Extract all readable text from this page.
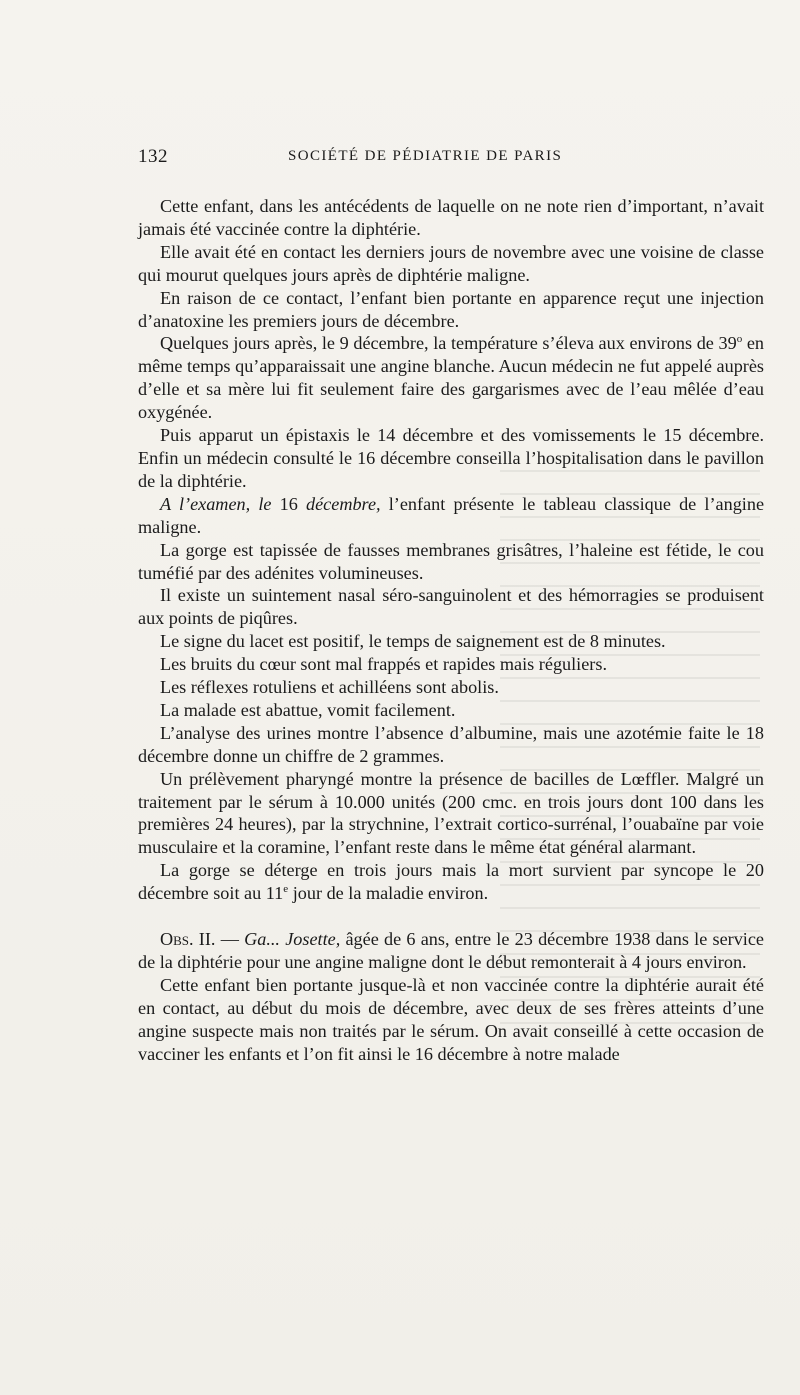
132	SOCIÉTÉ DE PÉDIATRIE DE PARIS

Cette enfant, dans les antécédents de laquelle on ne note rien d’important, n’avait jamais été vaccinée contre la diphtérie.

Elle avait été en contact les derniers jours de novembre avec une voisine de classe qui mourut quelques jours après de diphtérie maligne.

En raison de ce contact, l’enfant bien portante en apparence reçut une injection d’anatoxine les premiers jours de décembre.

Quelques jours après, le 9 décembre, la température s’éleva aux environs de 39$^o$ en même temps qu’apparaissait une angine blanche. Aucun médecin ne fut appelé auprès d’elle et sa mère lui fit seulement faire des gargarismes avec de l’eau mêlée d’eau oxygénée.

Puis apparut un épistaxis le 14 décembre et des vomissements le 15 décembre. Enfin un médecin consulté le 16 décembre conseilla l’hospitalisation dans le pavillon de la diphtérie.

A l’examen, le 16 décembre, l’enfant présente le tableau classique de l’angine maligne.

La gorge est tapissée de fausses membranes grisâtres, l’haleine est fétide, le cou tuméfié par des adénites volumineuses.

Il existe un suintement nasal séro-sanguinolent et des hémorragies se produisent aux points de piqûres.

Le signe du lacet est positif, le temps de saignement est de 8 minutes.

Les bruits du cœur sont mal frappés et rapides mais réguliers.

Les réflexes rotuliens et achilléens sont abolis.

La malade est abattue, vomit facilement.

L’analyse des urines montre l’absence d’albumine, mais une azotémie faite le 18 décembre donne un chiffre de 2 grammes.

Un prélèvement pharyngé montre la présence de bacilles de Lœffler. Malgré un traitement par le sérum à 10.000 unités (200 cmc. en trois jours dont 100 dans les premières 24 heures), par la strychnine, l’extrait cortico-surrénal, l’ouabaïne par voie musculaire et la coramine, l’enfant reste dans le même état général alarmant.

La gorge se déterge en trois jours mais la mort survient par syncope le 20 décembre soit au 11e jour de la maladie environ.

Obs. II. — Ga... Josette, âgée de 6 ans, entre le 23 décembre 1938 dans le service de la diphtérie pour une angine maligne dont le début remonterait à 4 jours environ.

Cette enfant bien portante jusque-là et non vaccinée contre la diphtérie aurait été en contact, au début du mois de décembre, avec deux de ses frères atteints d’une angine suspecte mais non traités par le sérum. On avait conseillé à cette occasion de vacciner les enfants et l’on fit ainsi le 16 décembre à notre malade
